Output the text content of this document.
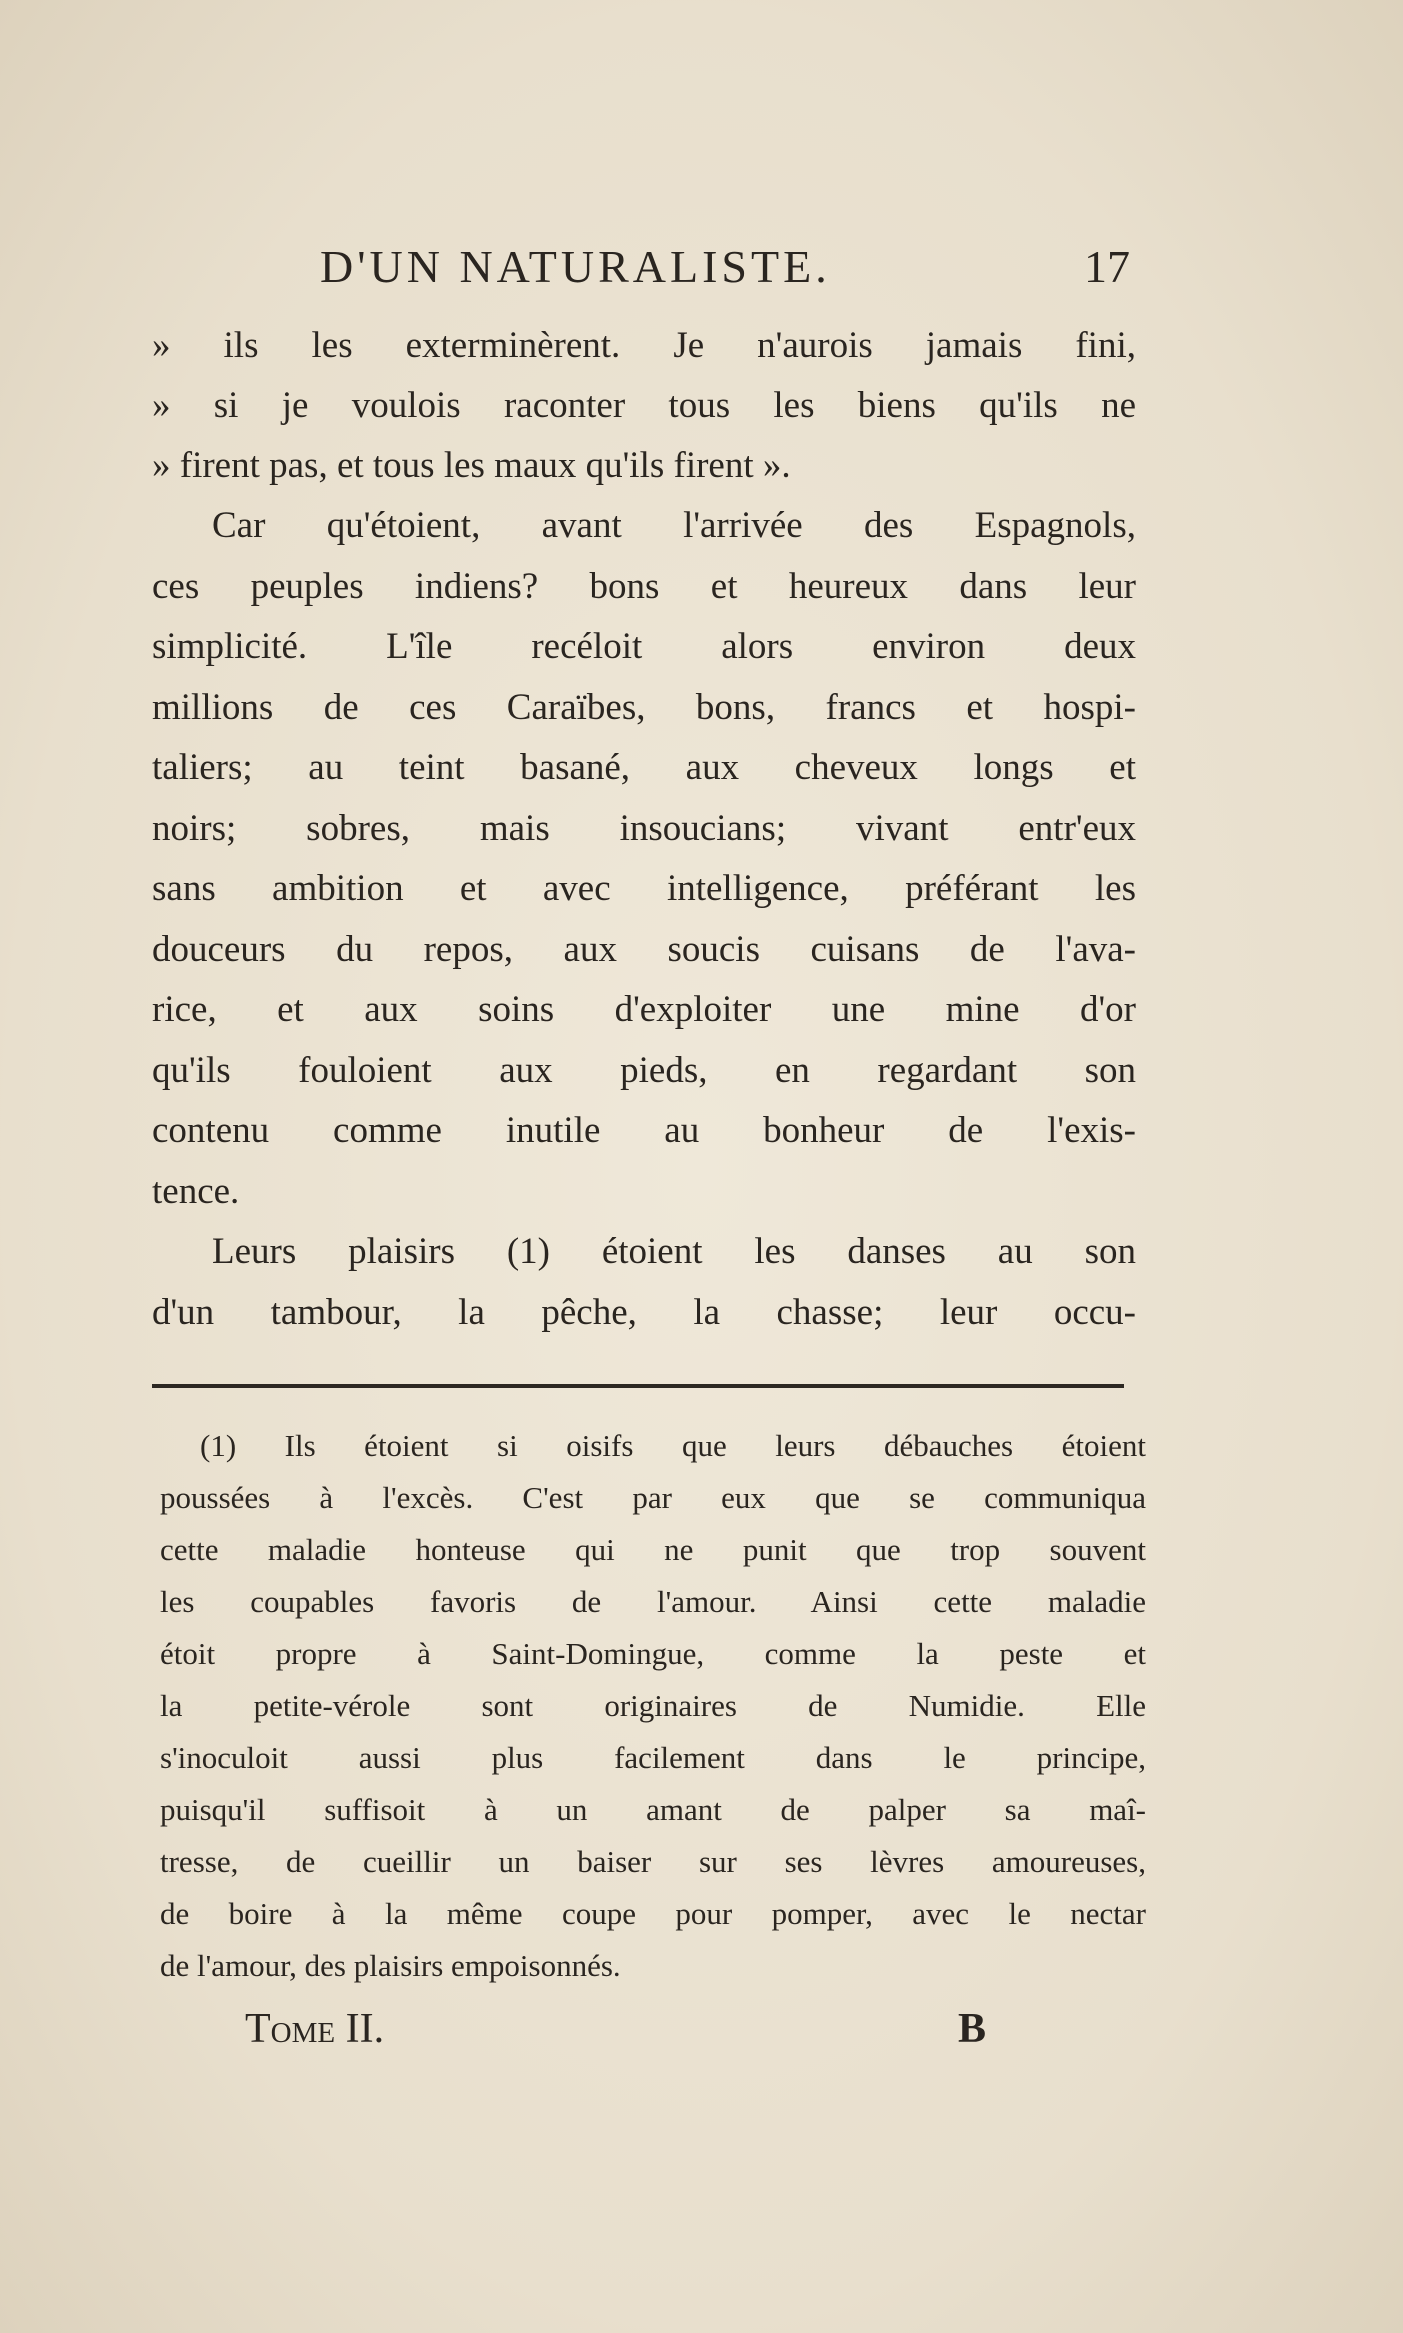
D'UN NATURALISTE.	17
» ils les exterminèrent. Je n'aurois jamais fini,
» si je voulois raconter tous les biens qu'ils ne
» firent pas, et tous les maux qu'ils firent ».
Car qu'étoient, avant l'arrivée des Espagnols,
ces peuples indiens? bons et heureux dans leur
simplicité. L'île recéloit alors environ deux
millions de ces Caraïbes, bons, francs et hospi-
taliers; au teint basané, aux cheveux longs et
noirs; sobres, mais insoucians; vivant entr'eux
sans ambition et avec intelligence, préférant les
douceurs du repos, aux soucis cuisans de l'ava-
rice, et aux soins d'exploiter une mine d'or
qu'ils fouloient aux pieds, en regardant son
contenu comme inutile au bonheur de l'exis-
tence.
Leurs plaisirs (1) étoient les danses au son
d'un tambour, la pêche, la chasse; leur occu-
(1) Ils étoient si oisifs que leurs débauches étoient
poussées à l'excès. C'est par eux que se communiqua
cette maladie honteuse qui ne punit que trop souvent
les coupables favoris de l'amour. Ainsi cette maladie
étoit propre à Saint-Domingue, comme la peste et
la petite-vérole sont originaires de Numidie. Elle
s'inoculoit aussi plus facilement dans le principe,
puisqu'il suffisoit à un amant de palper sa maî-
tresse, de cueillir un baiser sur ses lèvres amoureuses,
de boire à la même coupe pour pomper, avec le nectar
de l'amour, des plaisirs empoisonnés.
Tome II.	B
